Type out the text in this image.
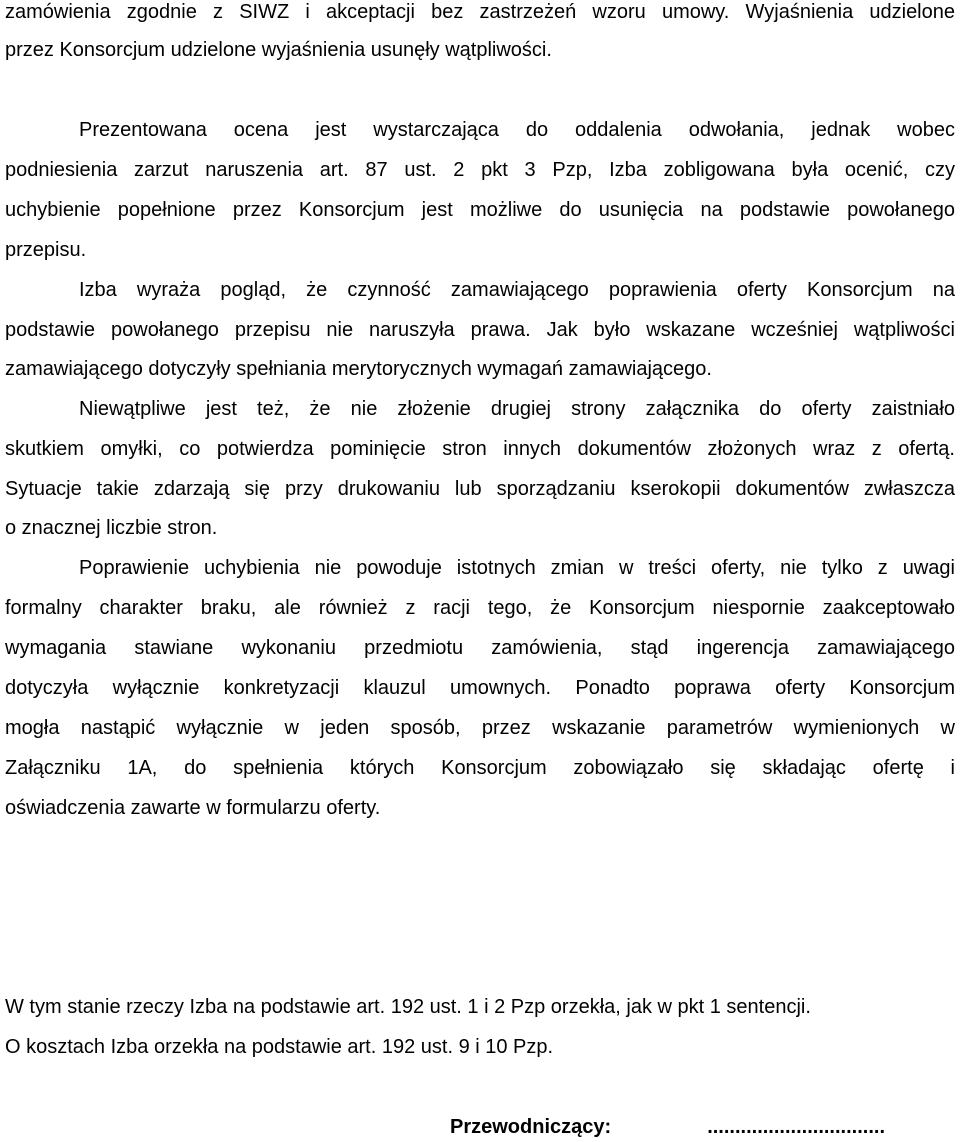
zamówienia zgodnie z SIWZ i akceptacji bez zastrzeżeń wzoru umowy. Wyjaśnienia udzielone
przez Konsorcjum udzielone wyjaśnienia usunęły wątpliwości.
Prezentowana ocena jest wystarczająca do oddalenia odwołania, jednak wobec
podniesienia zarzut naruszenia art. 87 ust. 2 pkt 3 Pzp, Izba zobligowana była ocenić, czy
uchybienie popełnione przez Konsorcjum jest możliwe do usunięcia na podstawie powołanego
przepisu.
Izba wyraża pogląd, że czynność zamawiającego poprawienia oferty Konsorcjum na
podstawie powołanego przepisu nie naruszyła prawa. Jak było wskazane wcześniej wątpliwości
zamawiającego dotyczyły spełniania merytorycznych wymagań zamawiającego.
Niewątpliwe jest też, że nie złożenie drugiej strony załącznika do oferty zaistniało
skutkiem omyłki, co potwierdza pominięcie stron innych dokumentów złożonych wraz z ofertą.
Sytuacje takie zdarzają się przy drukowaniu lub sporządzaniu kserokopii dokumentów zwłaszcza
o znacznej liczbie stron.
Poprawienie uchybienia nie powoduje istotnych zmian w treści oferty, nie tylko z uwagi
formalny charakter braku, ale również z racji tego, że Konsorcjum niespornie zaakceptowało
wymagania stawiane wykonaniu przedmiotu zamówienia, stąd ingerencja zamawiającego
dotyczyła wyłącznie konkretyzacji klauzul umownych. Ponadto poprawa oferty Konsorcjum
mogła nastąpić wyłącznie w jeden sposób, przez wskazanie parametrów wymienionych w
Załączniku 1A, do spełnienia których Konsorcjum zobowiązało się składając ofertę i
oświadczenia zawarte w formularzu oferty.
W tym stanie rzeczy Izba na podstawie art. 192 ust. 1 i 2 Pzp orzekła, jak w pkt 1 sentencji.
O kosztach Izba orzekła na podstawie art. 192 ust. 9 i 10 Pzp.
Przewodniczący:	................................
